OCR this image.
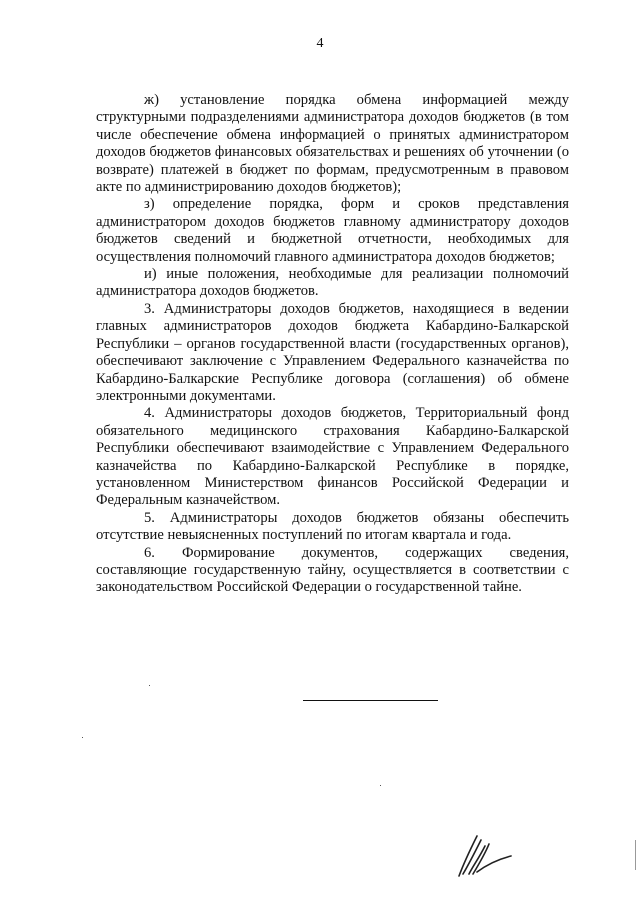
4

ж) установление порядка обмена информацией между структурными подразделениями администратора доходов бюджетов (в том числе обеспечение обмена информацией о принятых администратором доходов бюджетов финансовых обязательствах и решениях об уточнении (о возврате) платежей в бюджет по формам, предусмотренным в правовом акте по администрированию доходов бюджетов);

з) определение порядка, форм и сроков представления администратором доходов бюджетов главному администратору доходов бюджетов сведений и бюджетной отчетности, необходимых для осуществления полномочий главного администратора доходов бюджетов;

и) иные положения, необходимые для реализации полномочий администратора доходов бюджетов.

3. Администраторы доходов бюджетов, находящиеся в ведении главных администраторов доходов бюджета Кабардино-Балкарской Республики – органов государственной власти (государственных органов), обеспечивают заключение с Управлением Федерального казначейства по Кабардино-Балкарские Республике договора (соглашения) об обмене электронными документами.

4. Администраторы доходов бюджетов, Территориальный фонд обязательного медицинского страхования Кабардино-Балкарской Республики обеспечивают взаимодействие с Управлением Федерального казначейства по Кабардино-Балкарской Республике в порядке, установленном Министерством финансов Российской Федерации и Федеральным казначейством.

5. Администраторы доходов бюджетов обязаны обеспечить отсутствие невыясненных поступлений по итогам квартала и года.

6. Формирование документов, содержащих сведения, составляющие государственную тайну, осуществляется в соответствии с законодательством Российской Федерации о государственной тайне.
